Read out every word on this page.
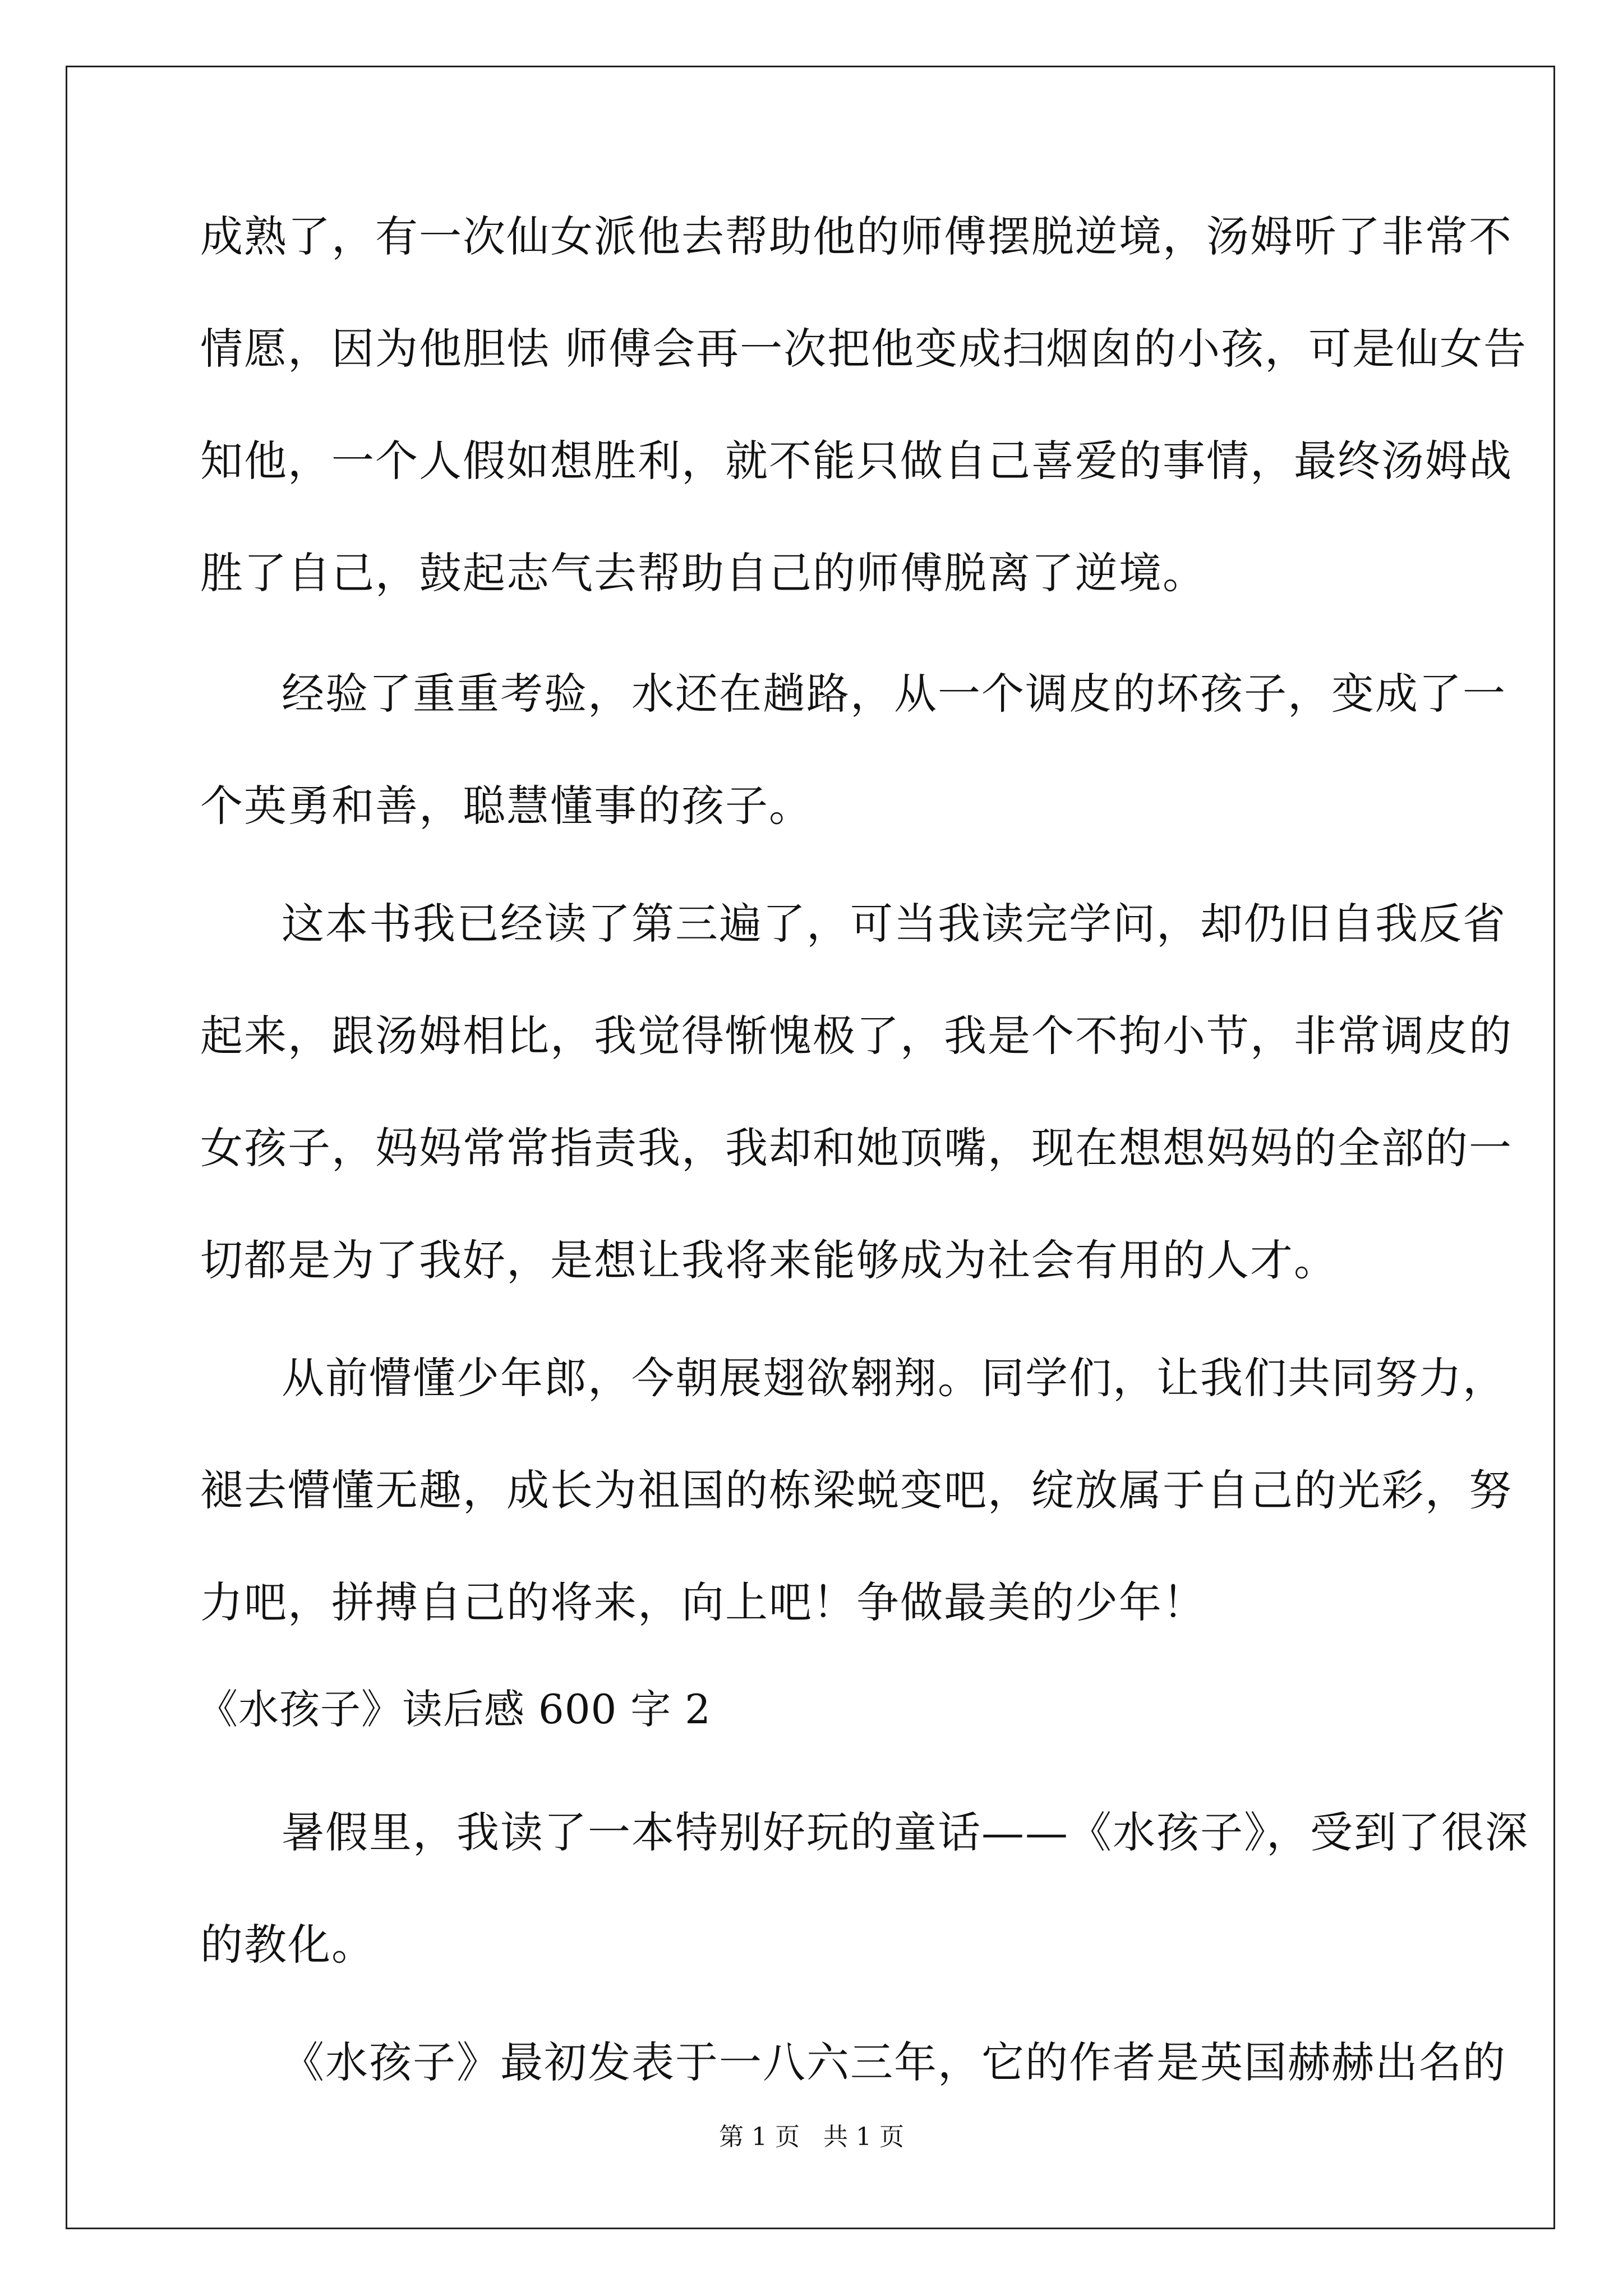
成熟了，有一次仙女派他去帮助他的师傅摆脱逆境，汤姆听了非常不
情愿，因为他胆怯 师傅会再一次把他变成扫烟囱的小孩，可是仙女告
知他，一个人假如想胜利，就不能只做自己喜爱的事情，最终汤姆战
胜了自己，鼓起志气去帮助自己的师傅脱离了逆境。
经验了重重考验，水还在趟路，从一个调皮的坏孩子，变成了一
个英勇和善，聪慧懂事的孩子。
这本书我已经读了第三遍了，可当我读完学问，却仍旧自我反省
起来，跟汤姆相比，我觉得惭愧极了，我是个不拘小节，非常调皮的
女孩子，妈妈常常指责我，我却和她顶嘴，现在想想妈妈的全部的一
切都是为了我好，是想让我将来能够成为社会有用的人才。
从前懵懂少年郎，今朝展翅欲翱翔。同学们，让我们共同努力，
褪去懵懂无趣，成长为祖国的栋梁蜕变吧，绽放属于自己的光彩，努
力吧，拼搏自己的将来，向上吧！争做最美的少年！
《水孩子》读后感 600 字 2
暑假里，我读了一本特别好玩的童话——《水孩子》，受到了很深
的教化。
《水孩子》最初发表于一八六三年，它的作者是英国赫赫出名的
第 1 页   共 1 页
